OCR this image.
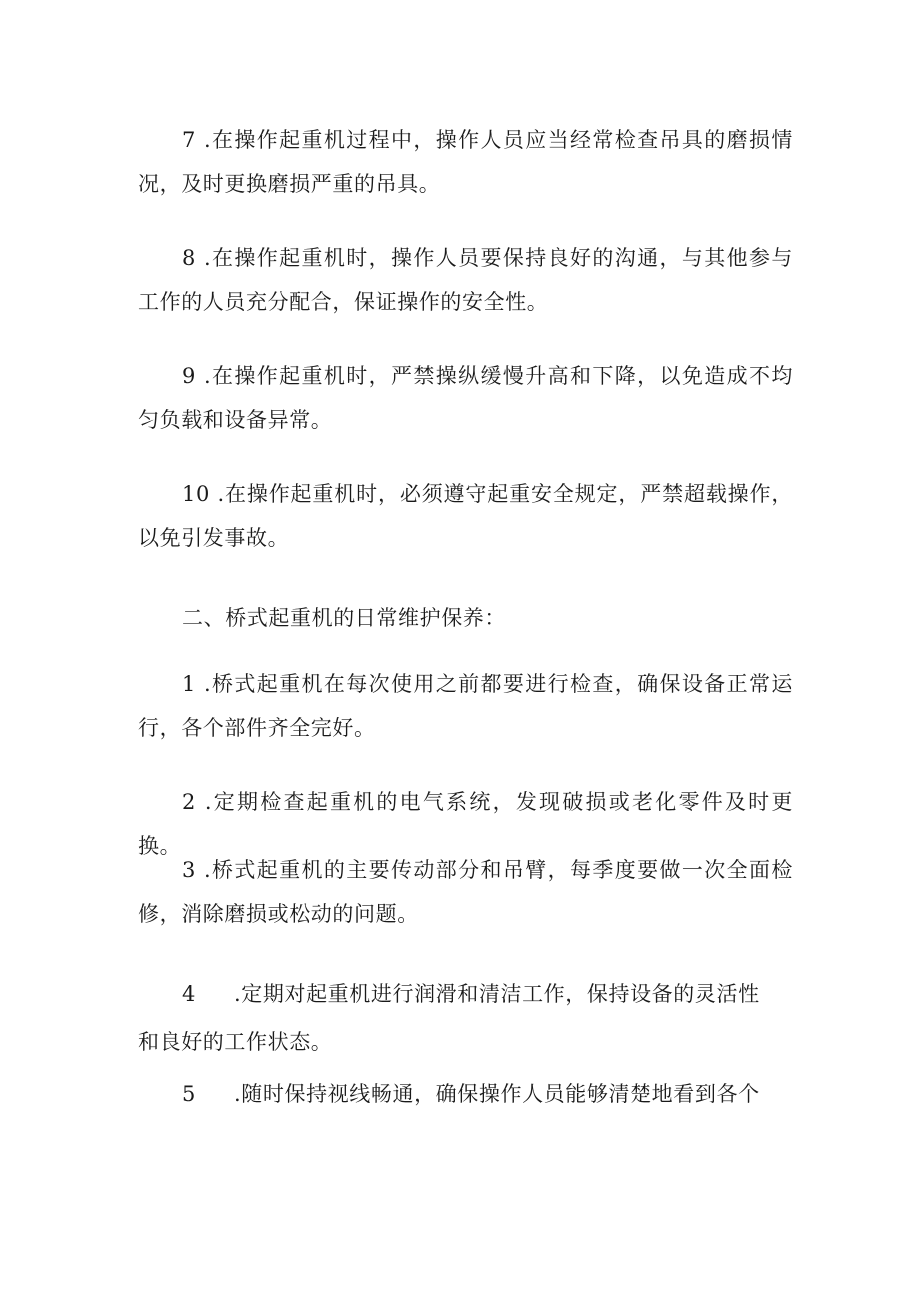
7 .在操作起重机过程中，操作人员应当经常检查吊具的磨损情况，及时更换磨损严重的吊具。

8 .在操作起重机时，操作人员要保持良好的沟通，与其他参与工作的人员充分配合，保证操作的安全性。

9 .在操作起重机时，严禁操纵缓慢升高和下降，以免造成不均匀负载和设备异常。

10 .在操作起重机时，必须遵守起重安全规定，严禁超载操作，以免引发事故。

二、桥式起重机的日常维护保养：

1 .桥式起重机在每次使用之前都要进行检查，确保设备正常运行，各个部件齐全完好。

2 .定期检查起重机的电气系统，发现破损或老化零件及时更换。

3 .桥式起重机的主要传动部分和吊臂，每季度要做一次全面检修，消除磨损或松动的问题。

4 .定期对起重机进行润滑和清洁工作，保持设备的灵活性

和良好的工作状态。

5 .随时保持视线畅通，确保操作人员能够清楚地看到各个
